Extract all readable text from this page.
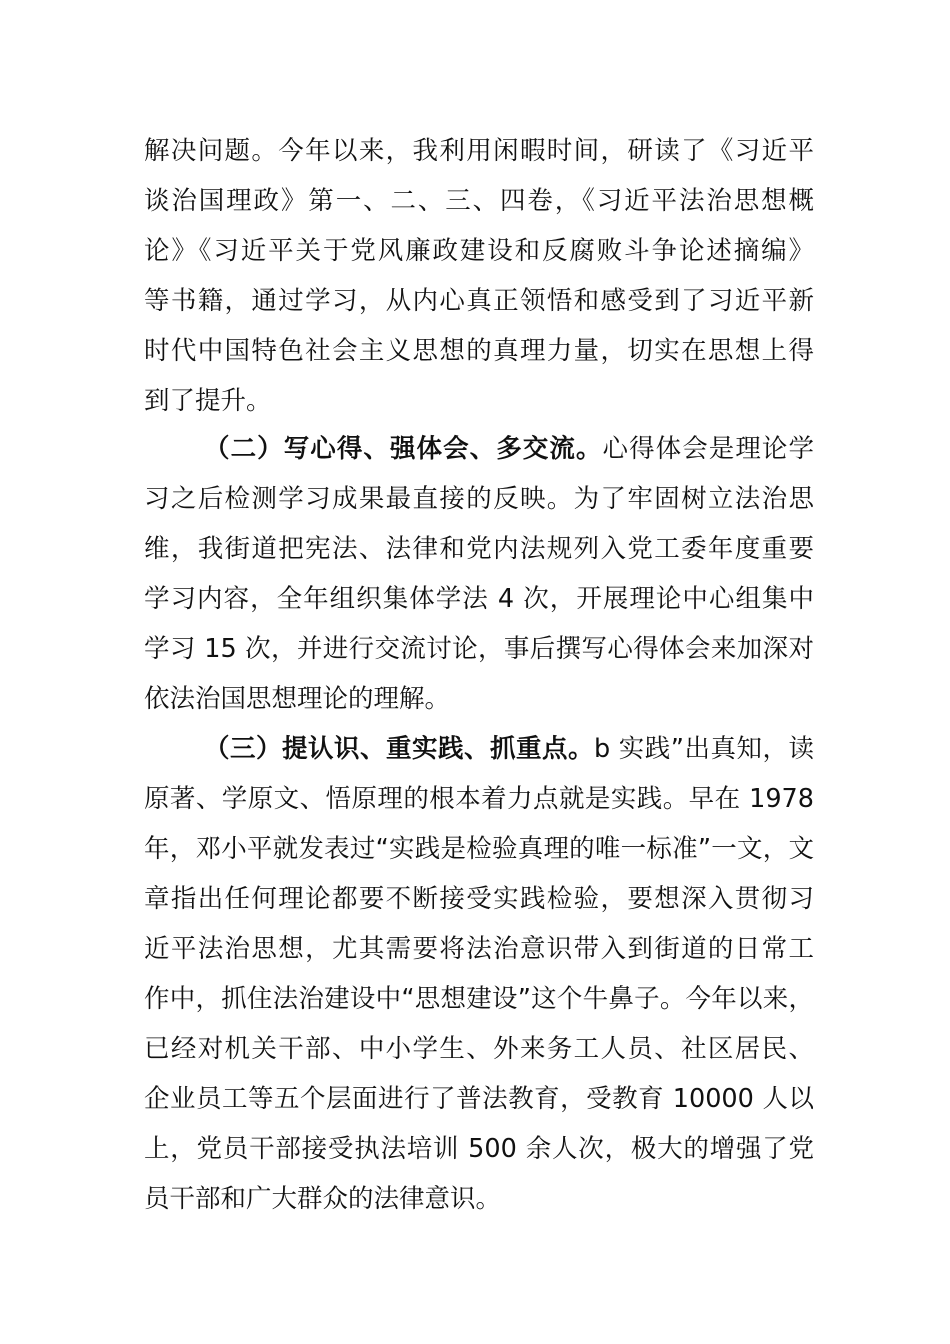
解决问题。今年以来，我利用闲暇时间，研读了《习近平
谈治国理政》第一、二、三、四卷，《习近平法治思想概
论》《习近平关于党风廉政建设和反腐败斗争论述摘编》
等书籍，通过学习，从内心真正领悟和感受到了习近平新
时代中国特色社会主义思想的真理力量，切实在思想上得
到了提升。
（二）写心得、强体会、多交流。心得体会是理论学
习之后检测学习成果最直接的反映。为了牢固树立法治思
维，我街道把宪法、法律和党内法规列入党工委年度重要
学习内容，全年组织集体学法 4 次，开展理论中心组集中
学习 15 次，并进行交流讨论，事后撰写心得体会来加深对
依法治国思想理论的理解。
（三）提认识、重实践、抓重点。b 实践”出真知，读
原著、学原文、悟原理的根本着力点就是实践。早在 1978
年，邓小平就发表过“实践是检验真理的唯一标准”一文，文
章指出任何理论都要不断接受实践检验，要想深入贯彻习
近平法治思想，尤其需要将法治意识带入到街道的日常工
作中，抓住法治建设中“思想建设”这个牛鼻子。今年以来，
已经对机关干部、中小学生、外来务工人员、社区居民、
企业员工等五个层面进行了普法教育，受教育 10000 人以
上，党员干部接受执法培训 500 余人次，极大的增强了党
员干部和广大群众的法律意识。
